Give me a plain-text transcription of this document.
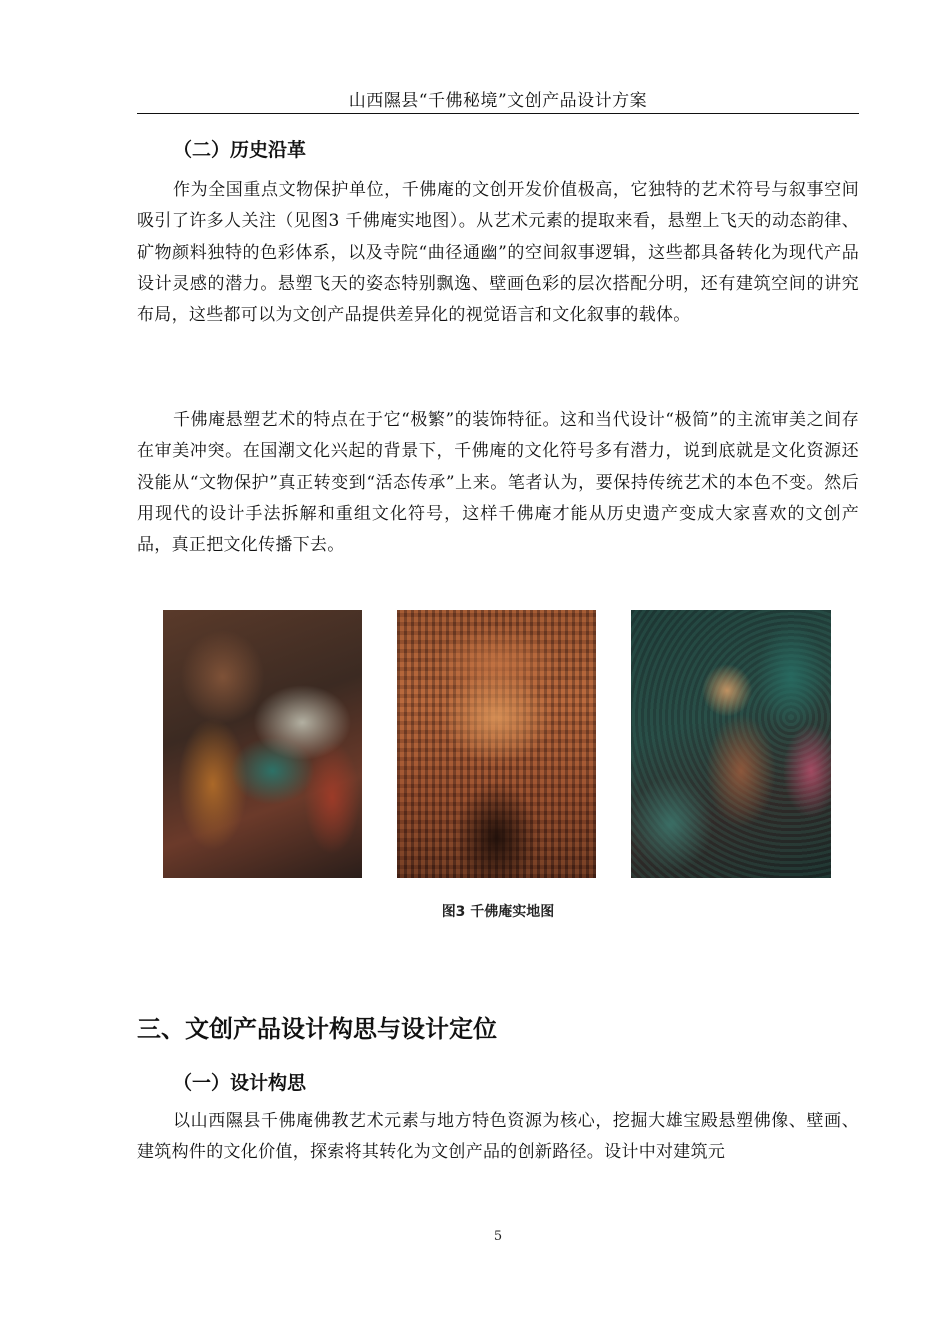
山西隰县“千佛秘境”文创产品设计方案
（二）历史沿革

作为全国重点文物保护单位，千佛庵的文创开发价值极高，它独特的艺术符号与叙事空间吸引了许多人关注（见图3 千佛庵实地图）。从艺术元素的提取来看，悬塑上飞天的动态韵律、矿物颜料独特的色彩体系，以及寺院“曲径通幽”的空间叙事逻辑，这些都具备转化为现代产品设计灵感的潜力。悬塑飞天的姿态特别飘逸、壁画色彩的层次搭配分明，还有建筑空间的讲究布局，这些都可以为文创产品提供差异化的视觉语言和文化叙事的载体。

千佛庵悬塑艺术的特点在于它“极繁”的装饰特征。这和当代设计“极简”的主流审美之间存在审美冲突。在国潮文化兴起的背景下，千佛庵的文化符号多有潜力，说到底就是文化资源还没能从“文物保护”真正转变到“活态传承”上来。笔者认为，要保持传统艺术的本色不变。然后用现代的设计手法拆解和重组文化符号，这样千佛庵才能从历史遗产变成大家喜欢的文创产品，真正把文化传播下去。

图3 千佛庵实地图
三、文创产品设计构思与设计定位
（一）设计构思

以山西隰县千佛庵佛教艺术元素与地方特色资源为核心，挖掘大雄宝殿悬塑佛像、壁画、建筑构件的文化价值，探索将其转化为文创产品的创新路径。设计中对建筑元

5
